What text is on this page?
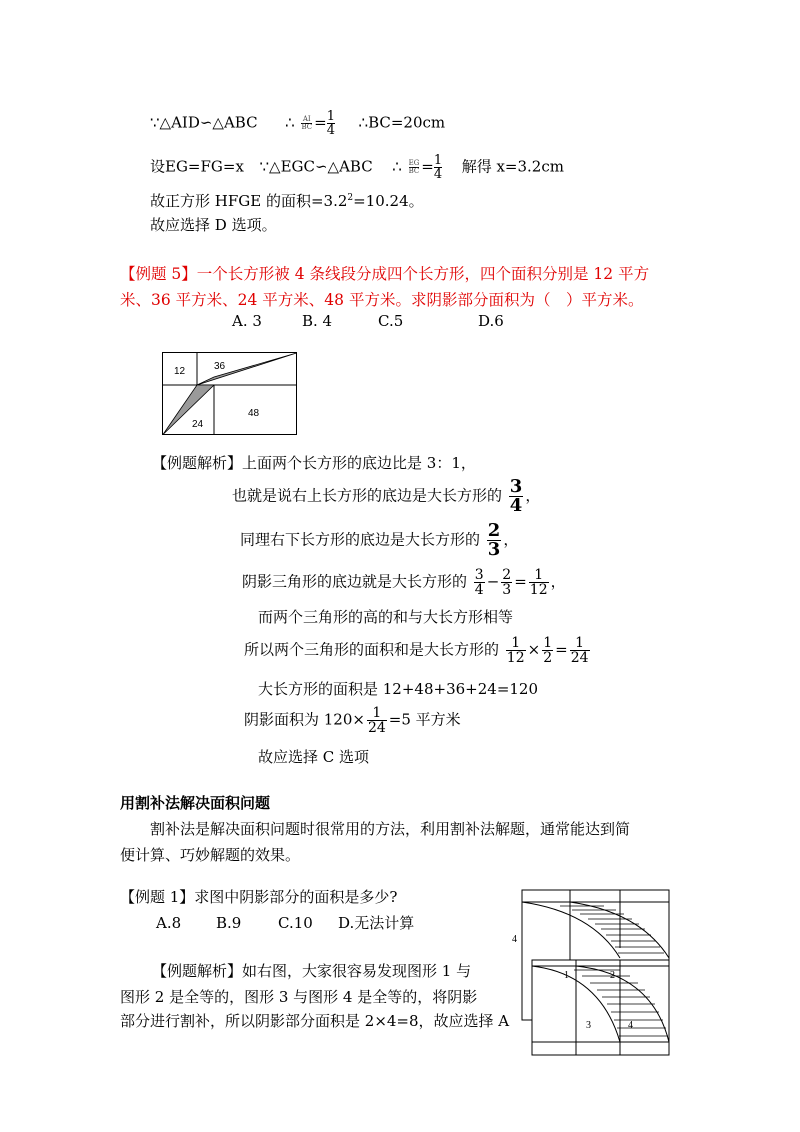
∵△AID∽△ABC ∴ $\frac{AI}{BC} = \frac{1}{4}$ ∴BC=20cm
设EG=FG=x ∵△EGC∽△ABC ∴ $\frac{EG}{BC} = \frac{1}{4}$ 解得 x=3.2cm
故正方形 HFGE 的面积$=3.2^2=10.24$。
故应选择 D 选项。
【例题 5】一个长方形被 4 条线段分成四个长方形，四个面积分别是 12 平方
米、36 平方米、24 平方米、48 平方米。求阴影部分面积为（　）平方米。
A. 3	B. 4	C.5	D.6
12	36
24
48
【例题解析】上面两个长方形的底边比是 3：1，
也就是说右上长方形的底边是大长方形的 $\frac{3}{4}$ ，
同理右下长方形的底边是大长方形的 $\frac{2}{3}$ ，
阴影三角形的底边就是大长方形的 $\frac{3}{4} - \frac{2}{3} = \frac{1}{12}$ ，
而两个三角形的高的和与大长方形相等
所以两个三角形的面积和是大长方形的 $\frac{1}{12} \times \frac{1}{2} = \frac{1}{24}$
大长方形的面积是 12+48+36+24=120
阴影面积为 $120\times \frac{1}{24} =5$ 平方米
故应选择 C 选项
用割补法解决面积问题
割补法是解决面积问题时很常用的方法，利用割补法解题，通常能达到简
便计算、巧妙解题的效果。
【例题 1】求图中阴影部分的面积是多少?
A.8 B.9 C.10 D.无法计算
【例题解析】如右图，大家很容易发现图形 1 与
图形 2 是全等的，图形 3 与图形 4 是全等的，将阴影
部分进行割补，所以阴影部分面积是 2×4=8，故应选择 A
4
1	2
3	4
